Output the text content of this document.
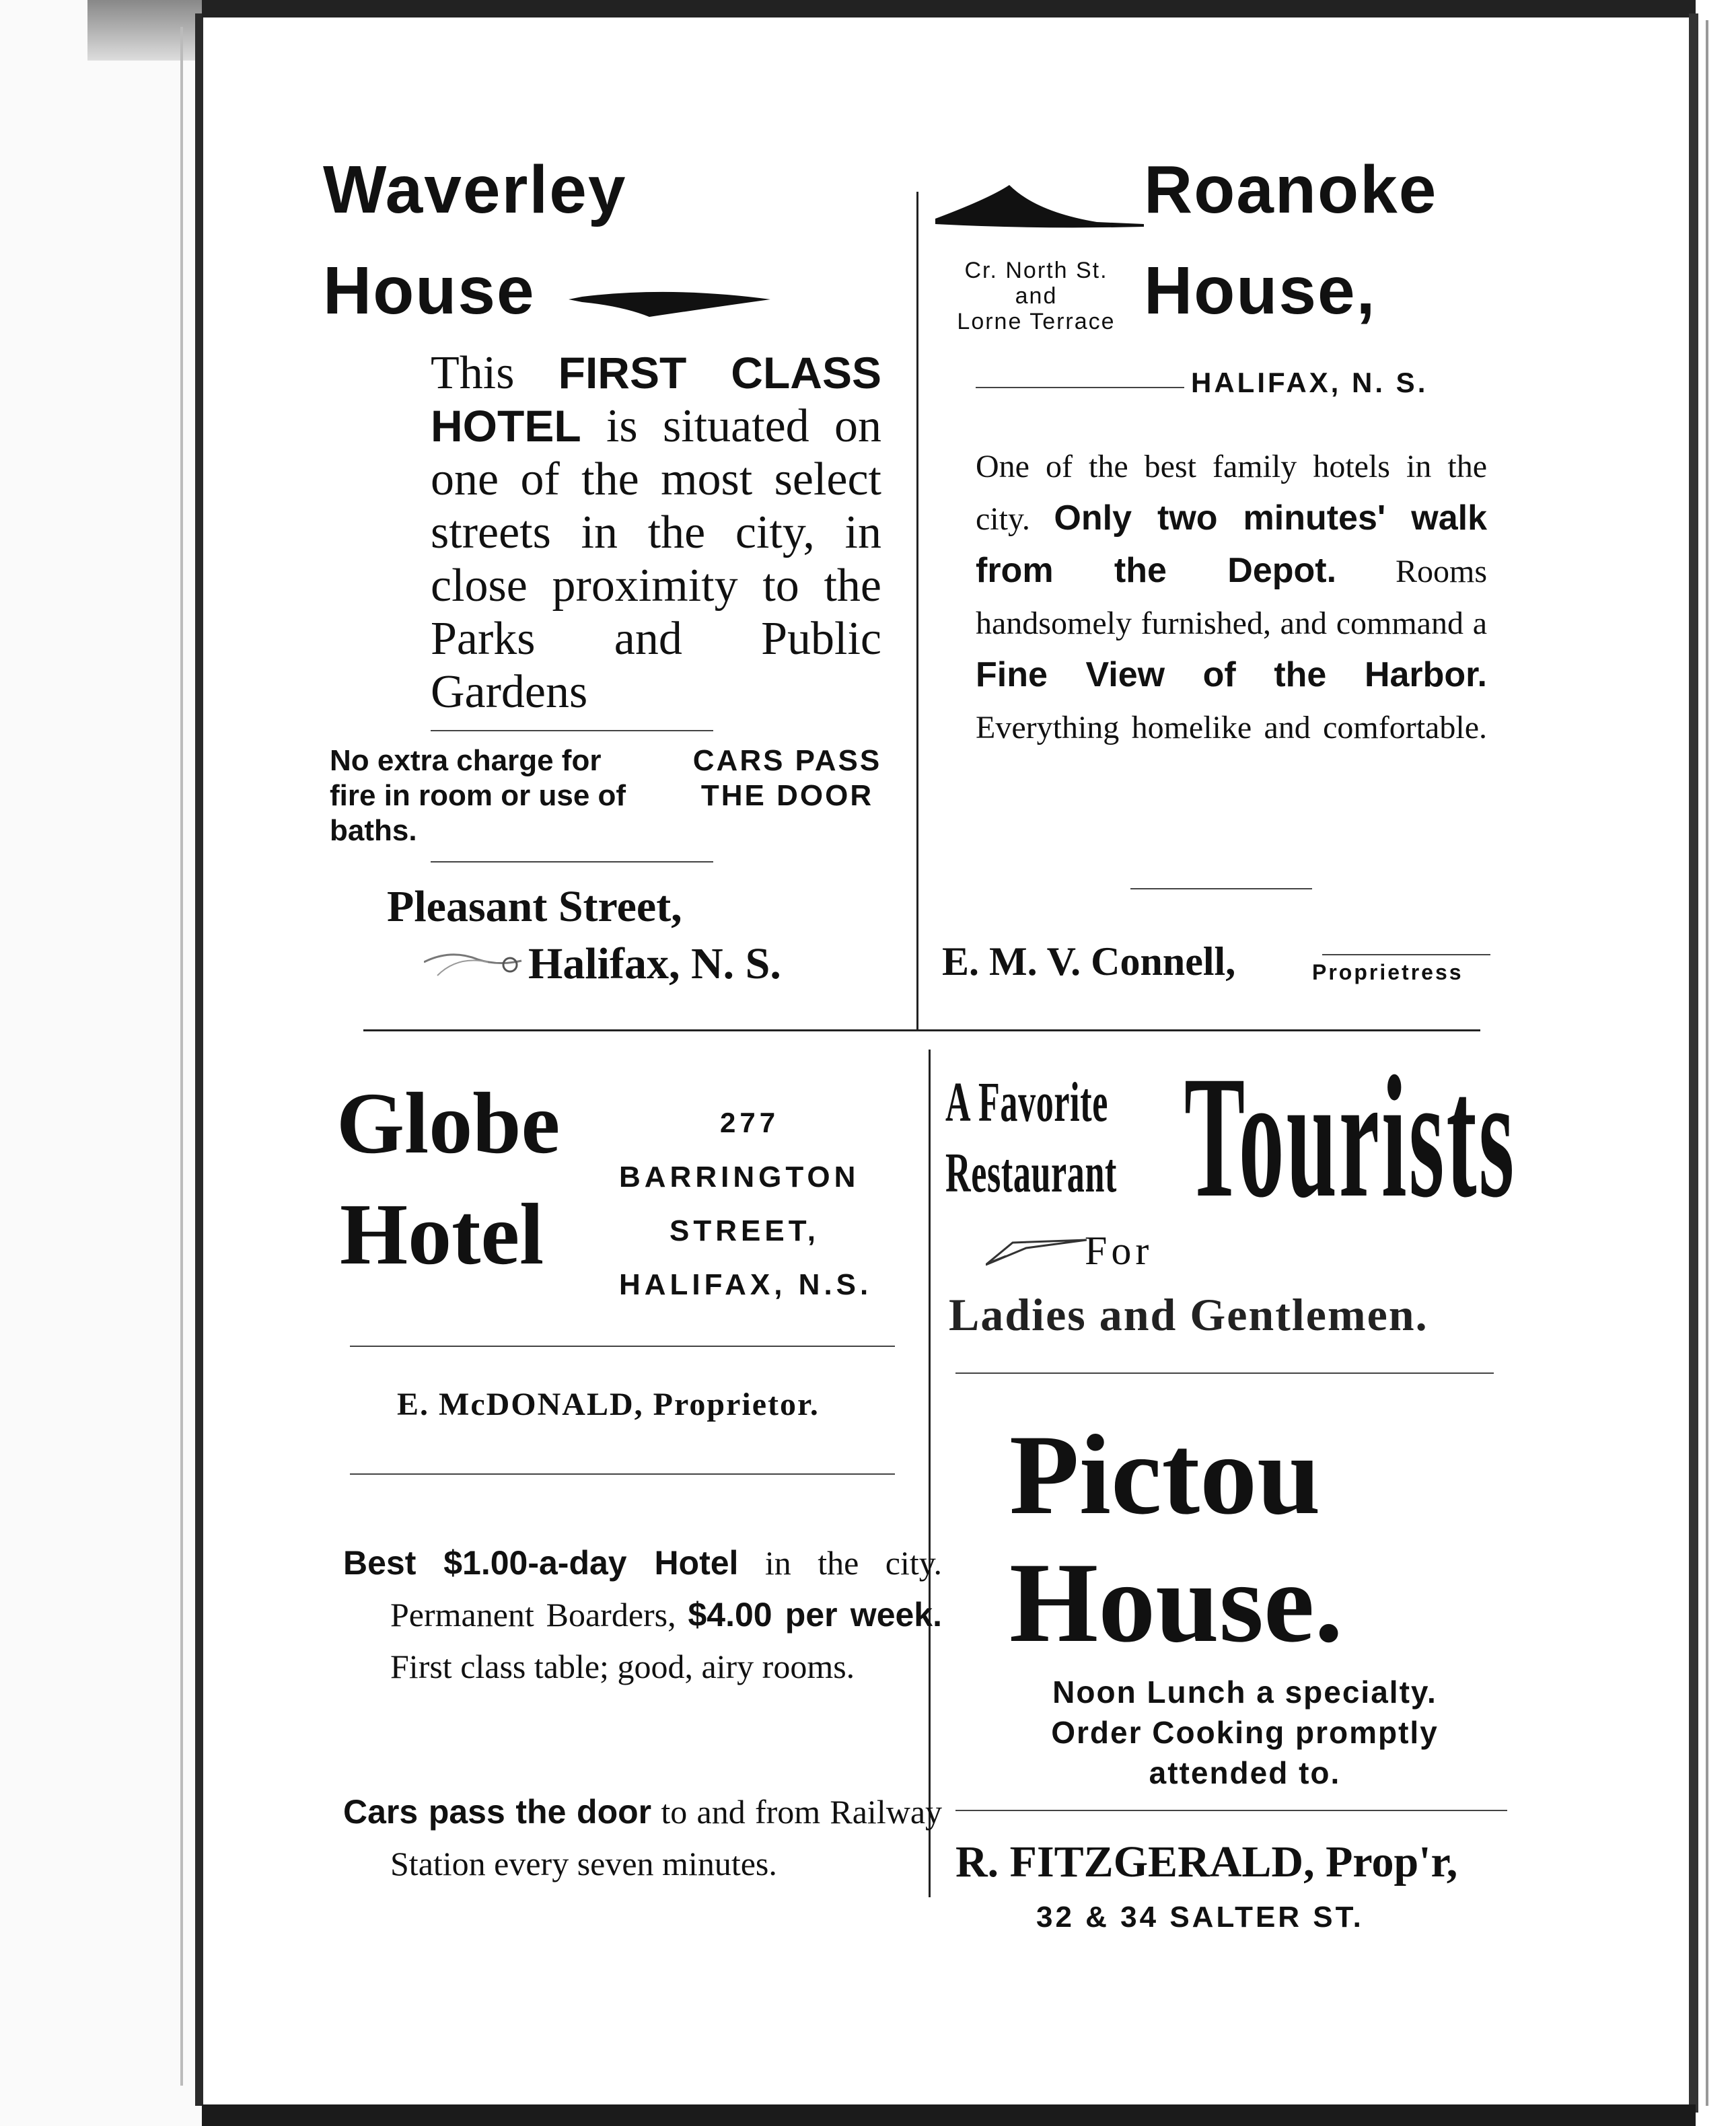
Waverley
House
This FIRST CLASS HOTEL is situated on one of the most select streets in the city, in close proximity to the Parks and Public Gardens
No extra charge for fire in room or use of baths.
CARS PASS THE DOOR
Pleasant Street,
Halifax, N. S.
Roanoke
Cr. North St.
and
Lorne Terrace House,
HALIFAX, N. S.
One of the best family hotels in the city. Only two minutes' walk from the Depot. Rooms handsomely furnished, and command a Fine View of the Harbor. Everything homelike and comfortable.
E. M. V. Connell,	Proprietress
Globe
Hotel
277
BARRINGTON
STREET,
HALIFAX, N.S.
E. McDONALD, Proprietor.
Best $1.00-a-day Hotel in the city. Permanent Boarders, $4.00 per week. First class table; good, airy rooms.
Cars pass the door to and from Railway Station every seven minutes.
A Favorite
Restaurant Tourists
For
Ladies and Gentlemen.
Pictou
House.
Noon Lunch a specialty.
Order Cooking promptly
attended to.
R. FITZGERALD, Prop'r,
32 & 34 SALTER ST.
